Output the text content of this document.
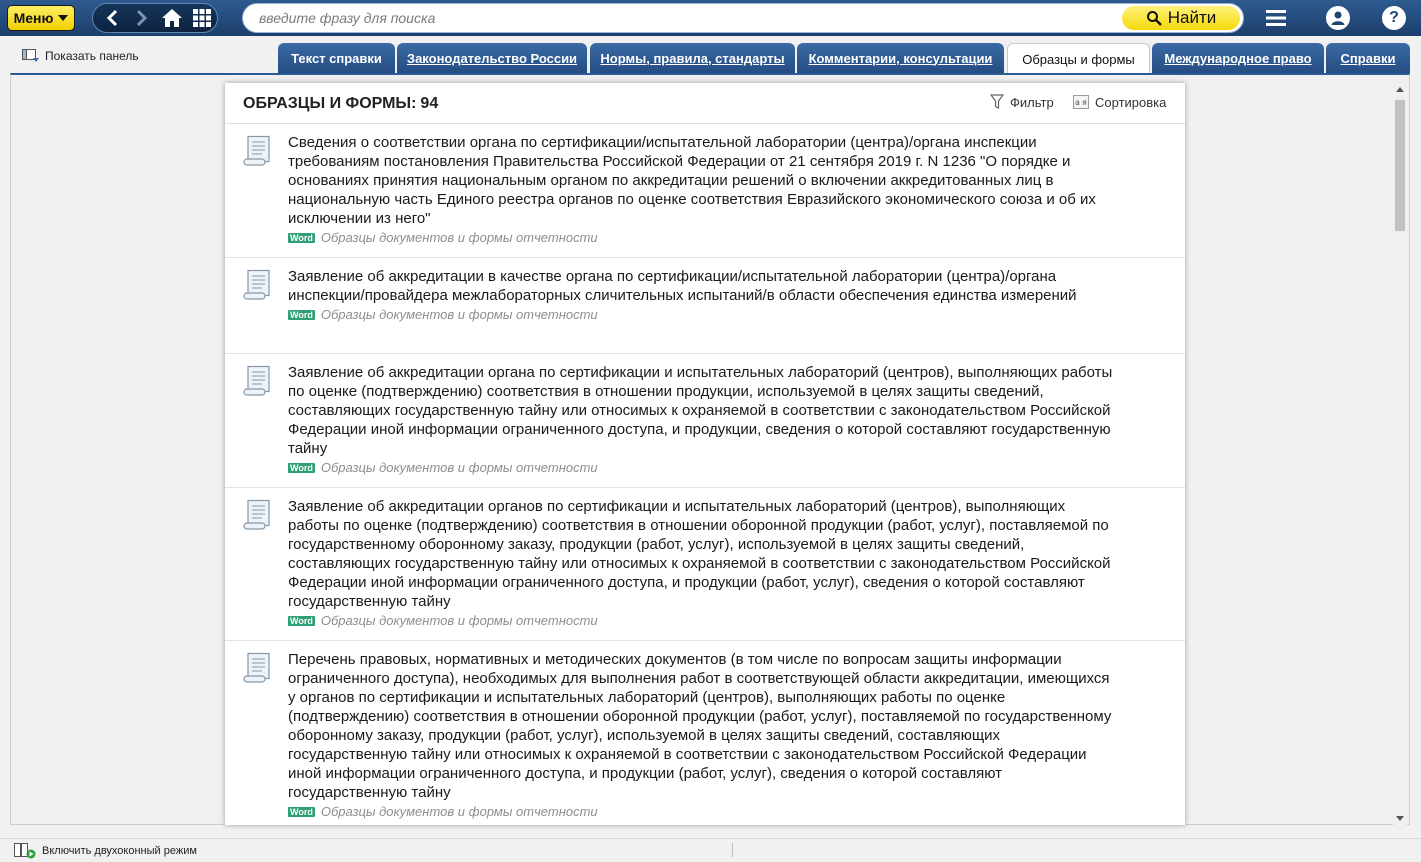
Меню
введите фразу для поиска	Найти	?
Показать панель	Текст справки	Законодательство России	Нормы, правила, стандарты	Комментарии, консультации	Образцы и формы	Международное право	Справки
ОБРАЗЦЫ И ФОРМЫ: 94	Фильтр	a я Сортировка
Сведения о соответствии органа по сертификации/испытательной лаборатории (центра)/органа инспекции требованиям постановления Правительства Российской Федерации от 21 сентября 2019 г. N 1236 "О порядке и основаниях принятия национальным органом по аккредитации решений о включении аккредитованных лиц в национальную часть Единого реестра органов по оценке соответствия Евразийского экономического союза и об их исключении из него"
Word Образцы документов и формы отчетности
Заявление об аккредитации в качестве органа по сертификации/испытательной лаборатории (центра)/органа инспекции/провайдера межлабораторных сличительных испытаний/в области обеспечения единства измерений
Word Образцы документов и формы отчетности
Заявление об аккредитации органа по сертификации и испытательных лабораторий (центров), выполняющих работы по оценке (подтверждению) соответствия в отношении продукции, используемой в целях защиты сведений, составляющих государственную тайну или относимых к охраняемой в соответствии с законодательством Российской Федерации иной информации ограниченного доступа, и продукции, сведения о которой составляют государственную тайну
Word Образцы документов и формы отчетности
Заявление об аккредитации органов по сертификации и испытательных лабораторий (центров), выполняющих работы по оценке (подтверждению) соответствия в отношении оборонной продукции (работ, услуг), поставляемой по государственному оборонному заказу, продукции (работ, услуг), используемой в целях защиты сведений, составляющих государственную тайну или относимых к охраняемой в соответствии с законодательством Российской Федерации иной информации ограниченного доступа, и продукции (работ, услуг), сведения о которой составляют государственную тайну
Word Образцы документов и формы отчетности
Перечень правовых, нормативных и методических документов (в том числе по вопросам защиты информации ограниченного доступа), необходимых для выполнения работ в соответствующей области аккредитации, имеющихся у органов по сертификации и испытательных лабораторий (центров), выполняющих работы по оценке (подтверждению) соответствия в отношении оборонной продукции (работ, услуг), поставляемой по государственному оборонному заказу, продукции (работ, услуг), используемой в целях защиты сведений, составляющих государственную тайну или относимых к охраняемой в соответствии с законодательством Российской Федерации иной информации ограниченного доступа, и продукции (работ, услуг), сведения о которой составляют государственную тайну
Word Образцы документов и формы отчетности
Включить двухоконный режим
